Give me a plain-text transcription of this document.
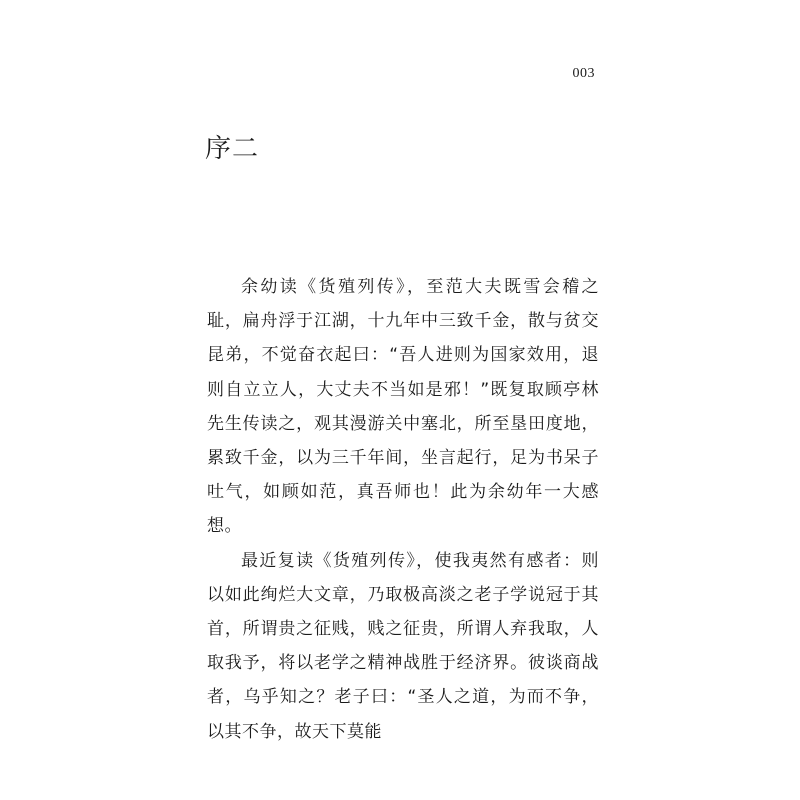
003
序二

余幼读《货殖列传》，至范大夫既雪会稽之耻，扁舟浮于江湖，十九年中三致千金，散与贫交昆弟，不觉奋衣起曰：“吾人进则为国家效用，退则自立立人，大丈夫不当如是邪！”既复取顾亭林先生传读之，观其漫游关中塞北，所至垦田度地，累致千金，以为三千年间，坐言起行，足为书呆子吐气，如顾如范，真吾师也！此为余幼年一大感想。

最近复读《货殖列传》，使我夷然有感者：则以如此绚烂大文章，乃取极高淡之老子学说冠于其首，所谓贵之征贱，贱之征贵，所谓人弃我取，人取我予，将以老学之精神战胜于经济界。彼谈商战者，乌乎知之？老子曰：“圣人之道，为而不争，以其不争，故天下莫能
